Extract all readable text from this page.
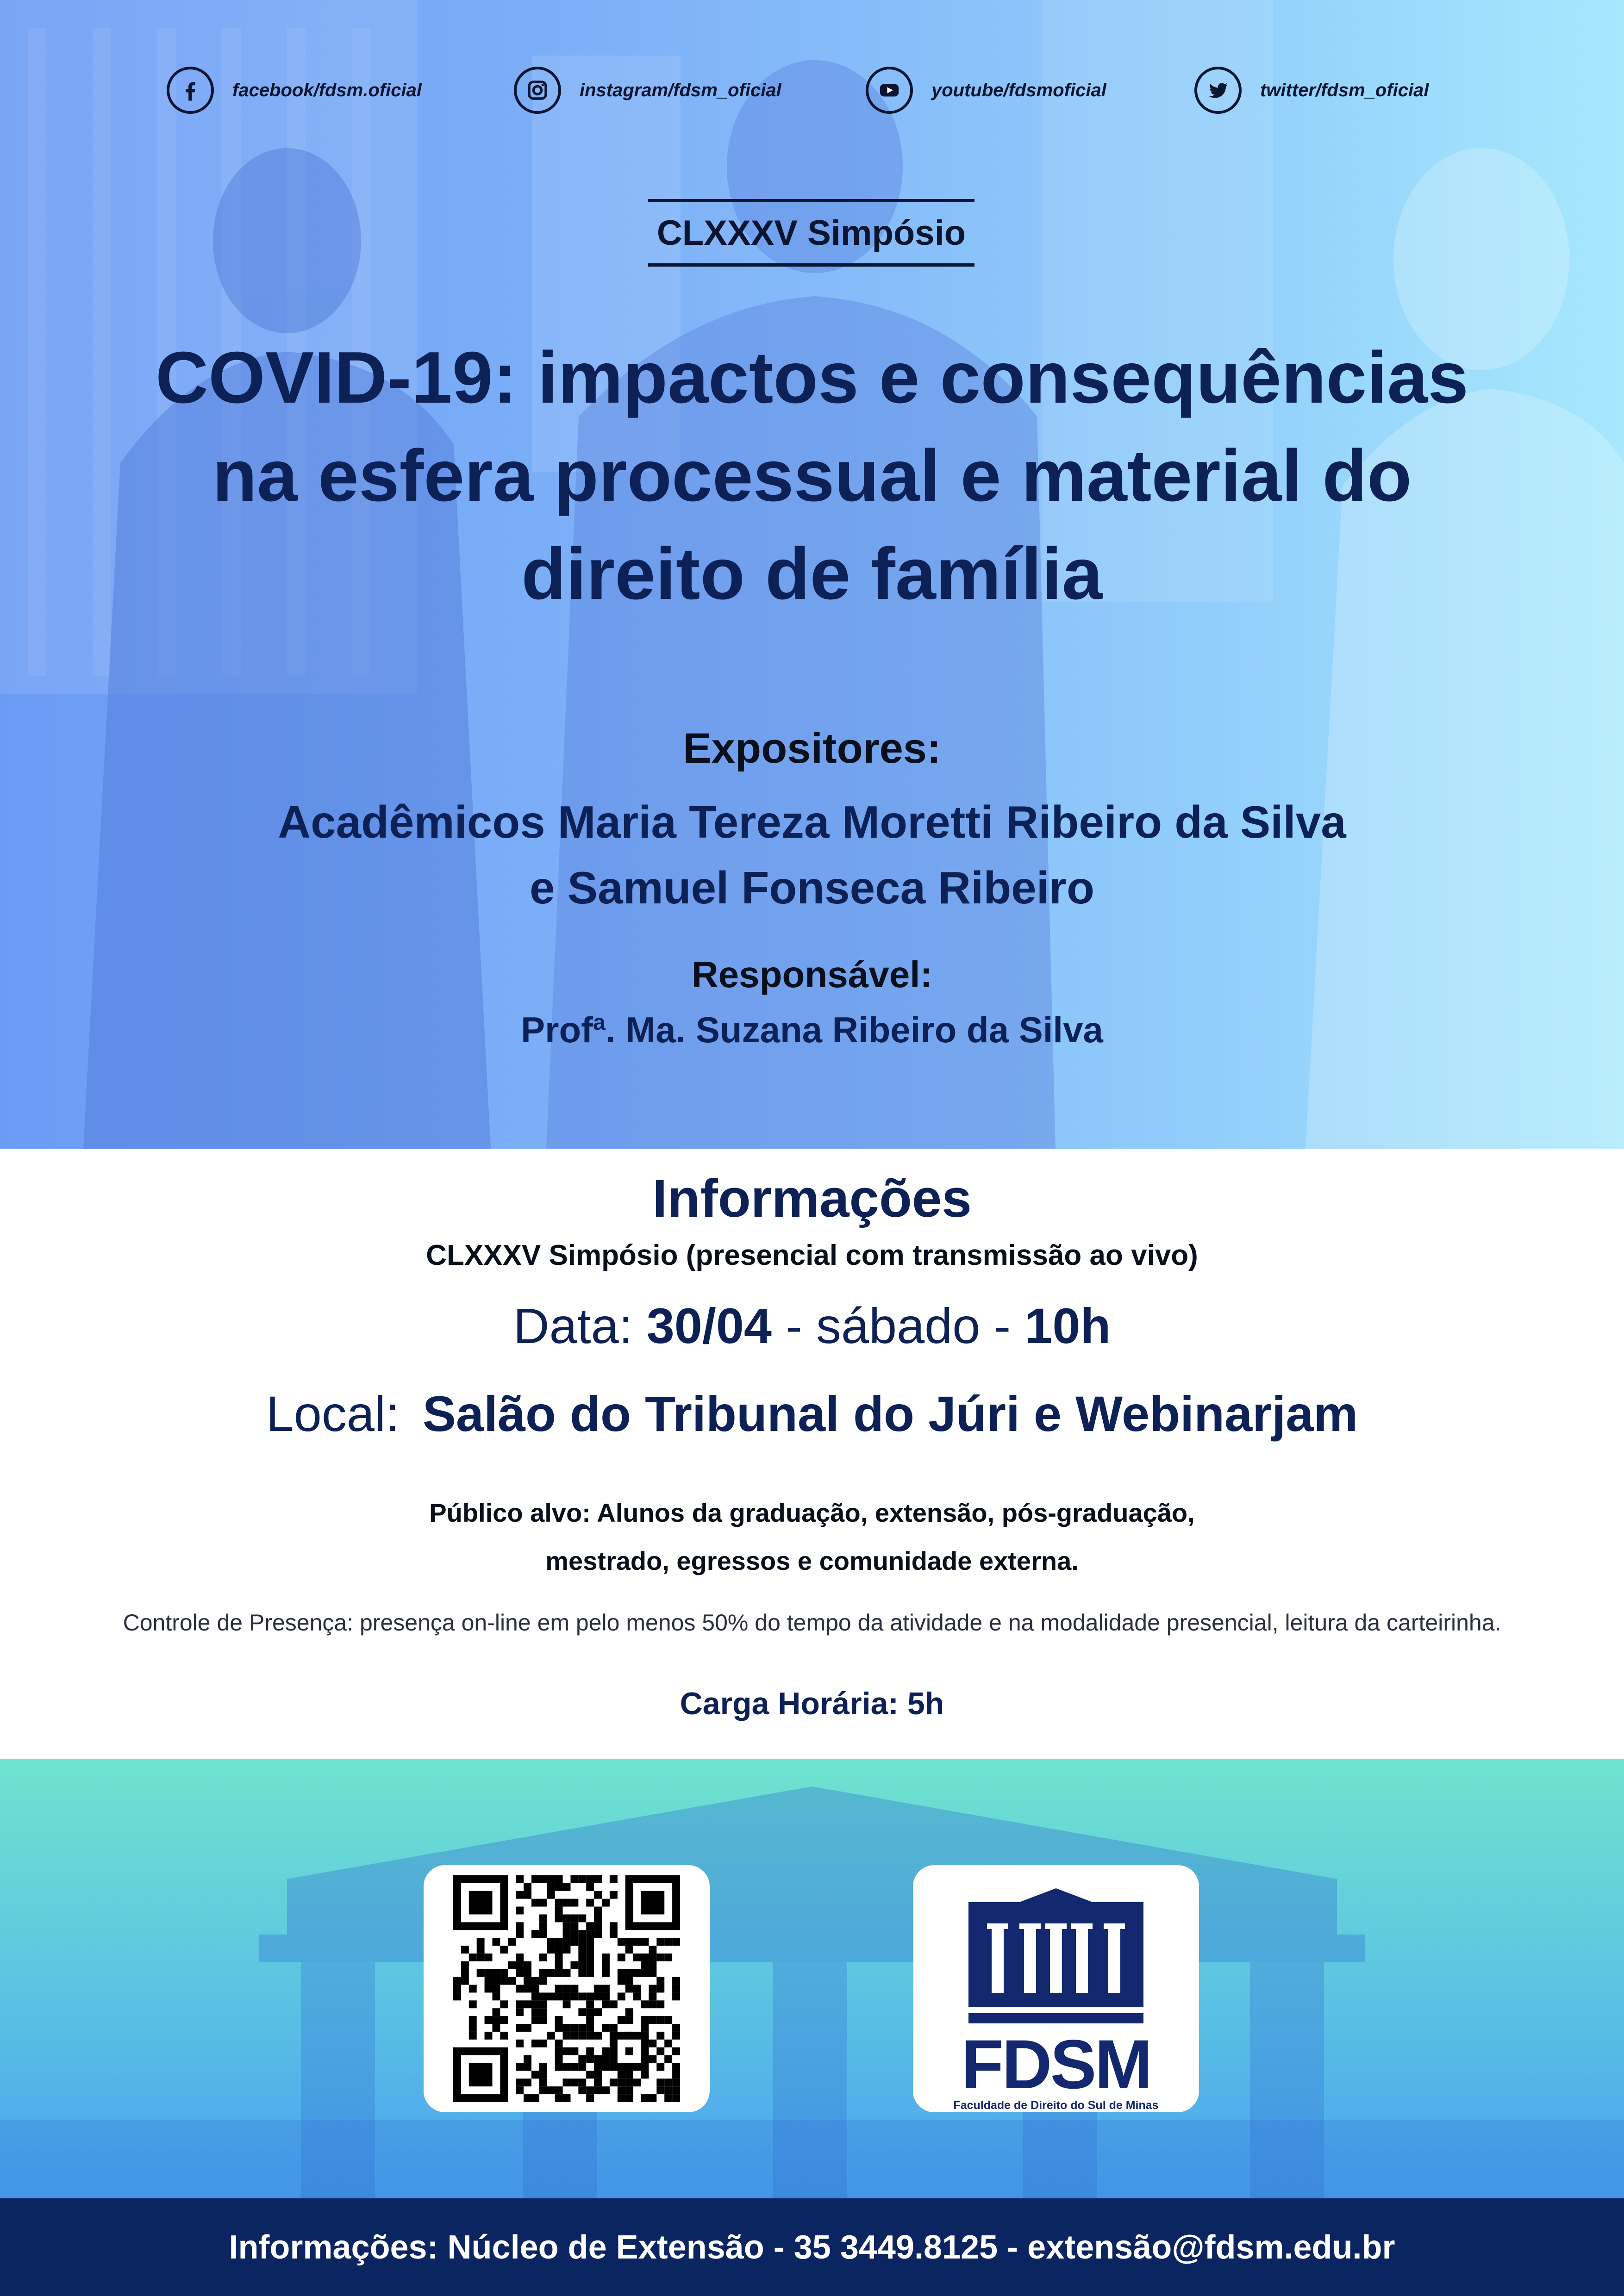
facebook/fdsm.oficial	instagram/fdsm_oficial	youtube/fdsmoficial	twitter/fdsm_oficial
CLXXXV Simpósio
COVID-19: impactos e consequências
na esfera processual e material do
direito de família
Expositores:
Acadêmicos Maria Tereza Moretti Ribeiro da Silva
e Samuel Fonseca Ribeiro
Responsável:
Prof$^a$. Ma. Suzana Ribeiro da Silva
Informações
CLXXXV Simpósio (presencial com transmissão ao vivo)
Data: 30/04 - sábado - 10h
Local: Salão do Tribunal do Júri e Webinarjam
Público alvo: Alunos da graduação, extensão, pós-graduação,
mestrado, egressos e comunidade externa.
Controle de Presença: presença on-line em pelo menos 50% do tempo da atividade e na modalidade presencial, leitura da carteirinha.
Carga Horária: 5h
FDSM
Faculdade de Direito do Sul de Minas
Informações: Núcleo de Extensão - 35 3449.8125 - extensão@fdsm.edu.br
